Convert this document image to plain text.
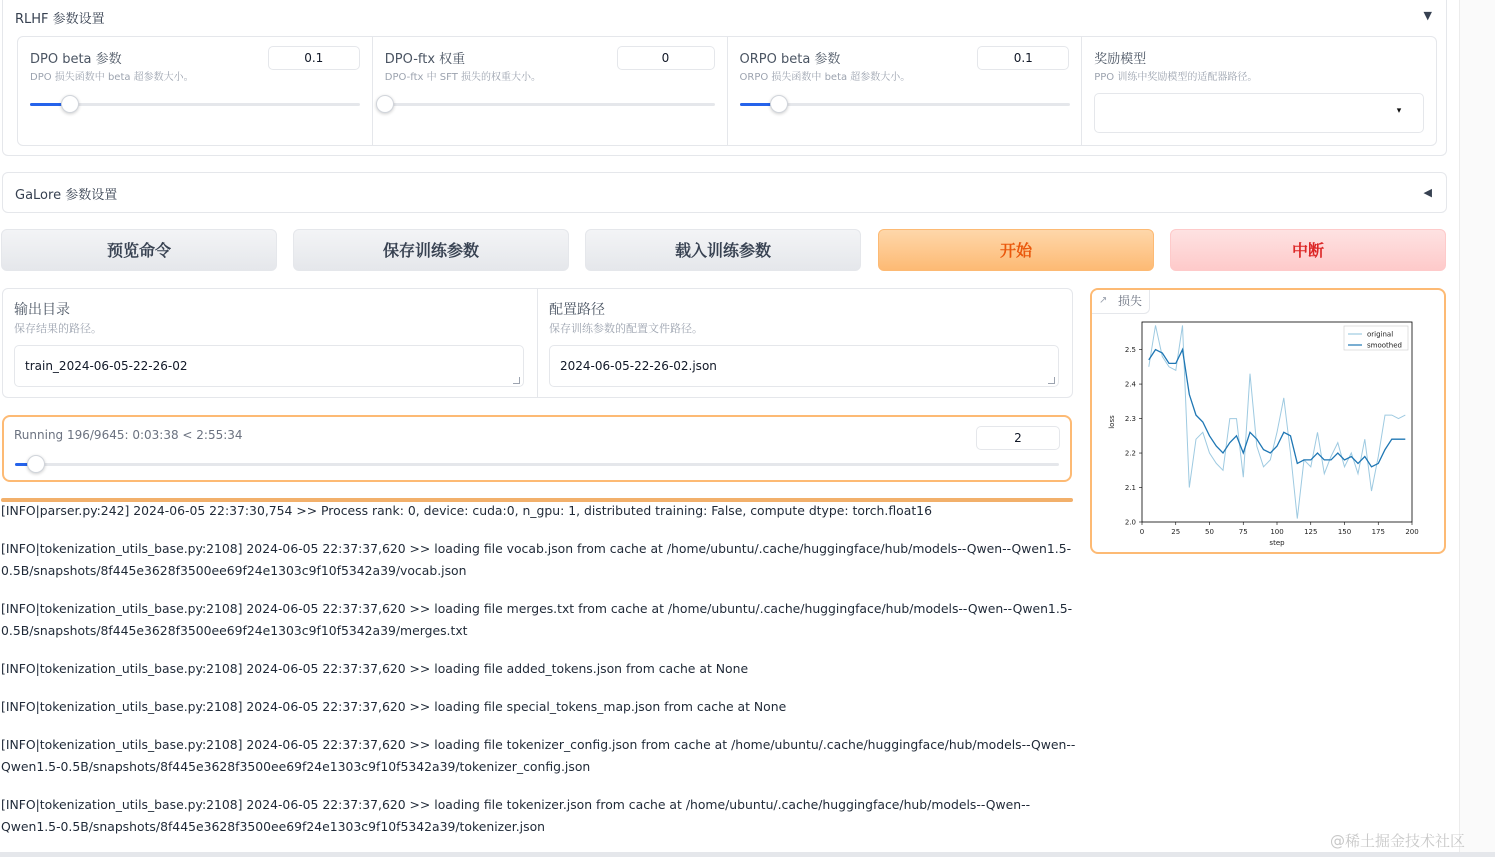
RLHF 参数设置	▼
DPO beta 参数
DPO 损失函数中 beta 超参数大小。
0.1	DPO-ftx 权重
DPO-ftx 中 SFT 损失的权重大小。
0	ORPO beta 参数
ORPO 损失函数中 beta 超参数大小。
0.1	奖励模型
PPO 训练中奖励模型的适配器路径。
▾
GaLore 参数设置	◀
预览命令	保存训练参数	载入训练参数	开始	中断
输出目录
保存结果的路径。
train_2024-06-05-22-26-02
配置路径
保存训练参数的配置文件路径。
2024-06-05-22-26-02.json
Running 196/9645: 0:03:38 < 2:55:34	2
[INFO|parser.py:242] 2024-06-05 22:37:30,754 >> Process rank: 0, device: cuda:0, n_gpu: 1, distributed training: False, compute dtype: torch.float16
[INFO|tokenization_utils_base.py:2108] 2024-06-05 22:37:37,620 >> loading file vocab.json from cache at /home/ubuntu/.cache/huggingface/hub/models--Qwen--Qwen1.5-0.5B/snapshots/8f445e3628f3500ee69f24e1303c9f10f5342a39/vocab.json
[INFO|tokenization_utils_base.py:2108] 2024-06-05 22:37:37,620 >> loading file merges.txt from cache at /home/ubuntu/.cache/huggingface/hub/models--Qwen--Qwen1.5-0.5B/snapshots/8f445e3628f3500ee69f24e1303c9f10f5342a39/merges.txt
[INFO|tokenization_utils_base.py:2108] 2024-06-05 22:37:37,620 >> loading file added_tokens.json from cache at None
[INFO|tokenization_utils_base.py:2108] 2024-06-05 22:37:37,620 >> loading file special_tokens_map.json from cache at None
[INFO|tokenization_utils_base.py:2108] 2024-06-05 22:37:37,620 >> loading file tokenizer_config.json from cache at /home/ubuntu/.cache/huggingface/hub/models--Qwen--Qwen1.5-0.5B/snapshots/8f445e3628f3500ee69f24e1303c9f10f5342a39/tokenizer_config.json
[INFO|tokenization_utils_base.py:2108] 2024-06-05 22:37:37,620 >> loading file tokenizer.json from cache at /home/ubuntu/.cache/huggingface/hub/models--Qwen--Qwen1.5-0.5B/snapshots/8f445e3628f3500ee69f24e1303c9f10f5342a39/tokenizer.json
↗ 损失
0	25	50	75	100	125	150	175	200
2.0
2.1
2.2
2.3
2.4
2.5
step
loss
original
smoothed
@稀土掘金技术社区
